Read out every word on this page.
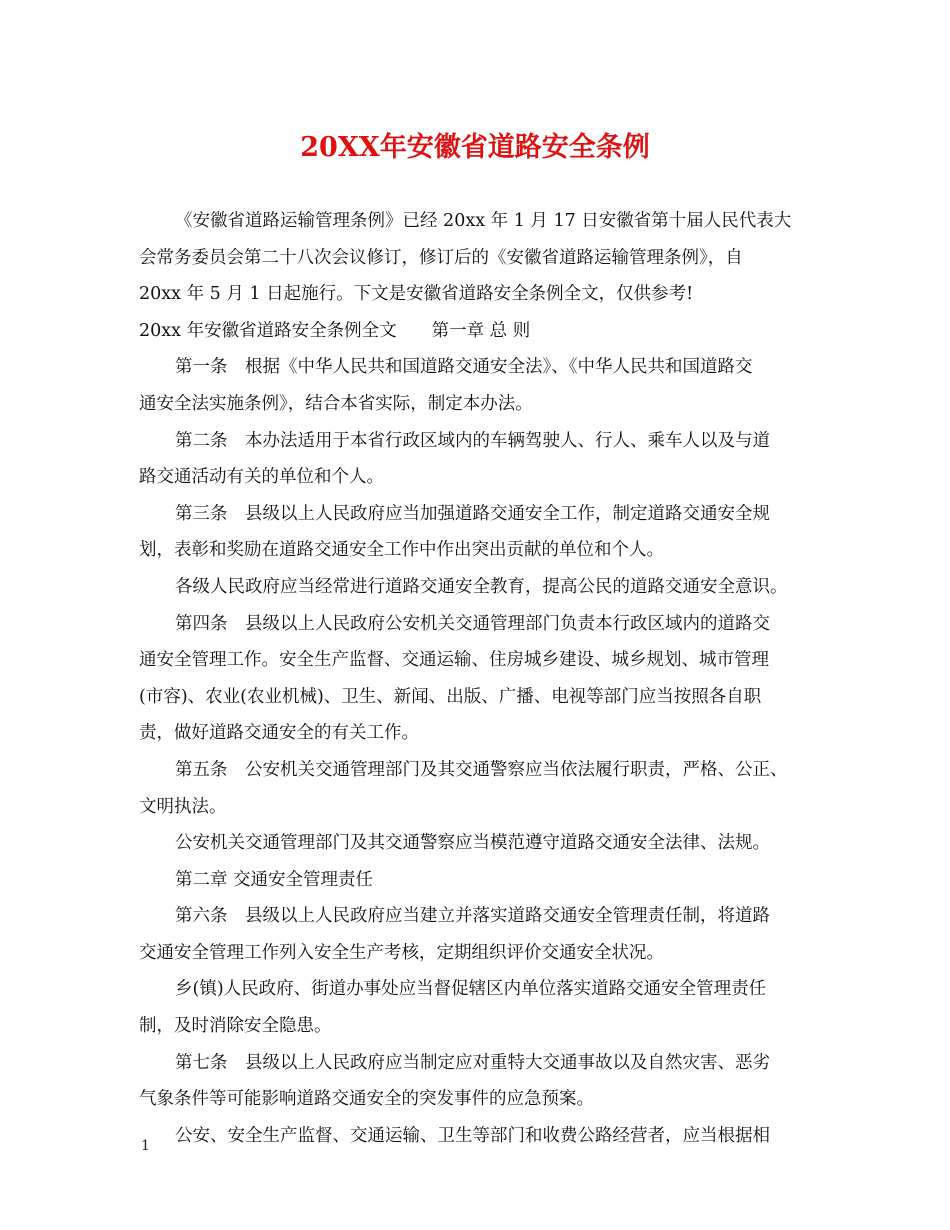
20XX年安徽省道路安全条例
《安徽省道路运输管理条例》已经 20xx 年 1 月 17 日安徽省第十届人民代表大
会常务委员会第二十八次会议修订，修订后的《安徽省道路运输管理条例》，自
20xx 年 5 月 1 日起施行。下文是安徽省道路安全条例全文，仅供参考!
20xx 年安徽省道路安全条例全文　　第一章 总 则
第一条　根据《中华人民共和国道路交通安全法》、《中华人民共和国道路交
通安全法实施条例》，结合本省实际，制定本办法。
第二条　本办法适用于本省行政区域内的车辆驾驶人、行人、乘车人以及与道
路交通活动有关的单位和个人。
第三条　县级以上人民政府应当加强道路交通安全工作，制定道路交通安全规
划，表彰和奖励在道路交通安全工作中作出突出贡献的单位和个人。
各级人民政府应当经常进行道路交通安全教育，提高公民的道路交通安全意识。
第四条　县级以上人民政府公安机关交通管理部门负责本行政区域内的道路交
通安全管理工作。安全生产监督、交通运输、住房城乡建设、城乡规划、城市管理
(市容)、农业(农业机械)、卫生、新闻、出版、广播、电视等部门应当按照各自职
责，做好道路交通安全的有关工作。
第五条　公安机关交通管理部门及其交通警察应当依法履行职责，严格、公正、
文明执法。
公安机关交通管理部门及其交通警察应当模范遵守道路交通安全法律、法规。
第二章 交通安全管理责任
第六条　县级以上人民政府应当建立并落实道路交通安全管理责任制，将道路
交通安全管理工作列入安全生产考核，定期组织评价交通安全状况。
乡(镇)人民政府、街道办事处应当督促辖区内单位落实道路交通安全管理责任
制，及时消除安全隐患。
第七条　县级以上人民政府应当制定应对重特大交通事故以及自然灾害、恶劣
气象条件等可能影响道路交通安全的突发事件的应急预案。
公安、安全生产监督、交通运输、卫生等部门和收费公路经营者，应当根据相
1
